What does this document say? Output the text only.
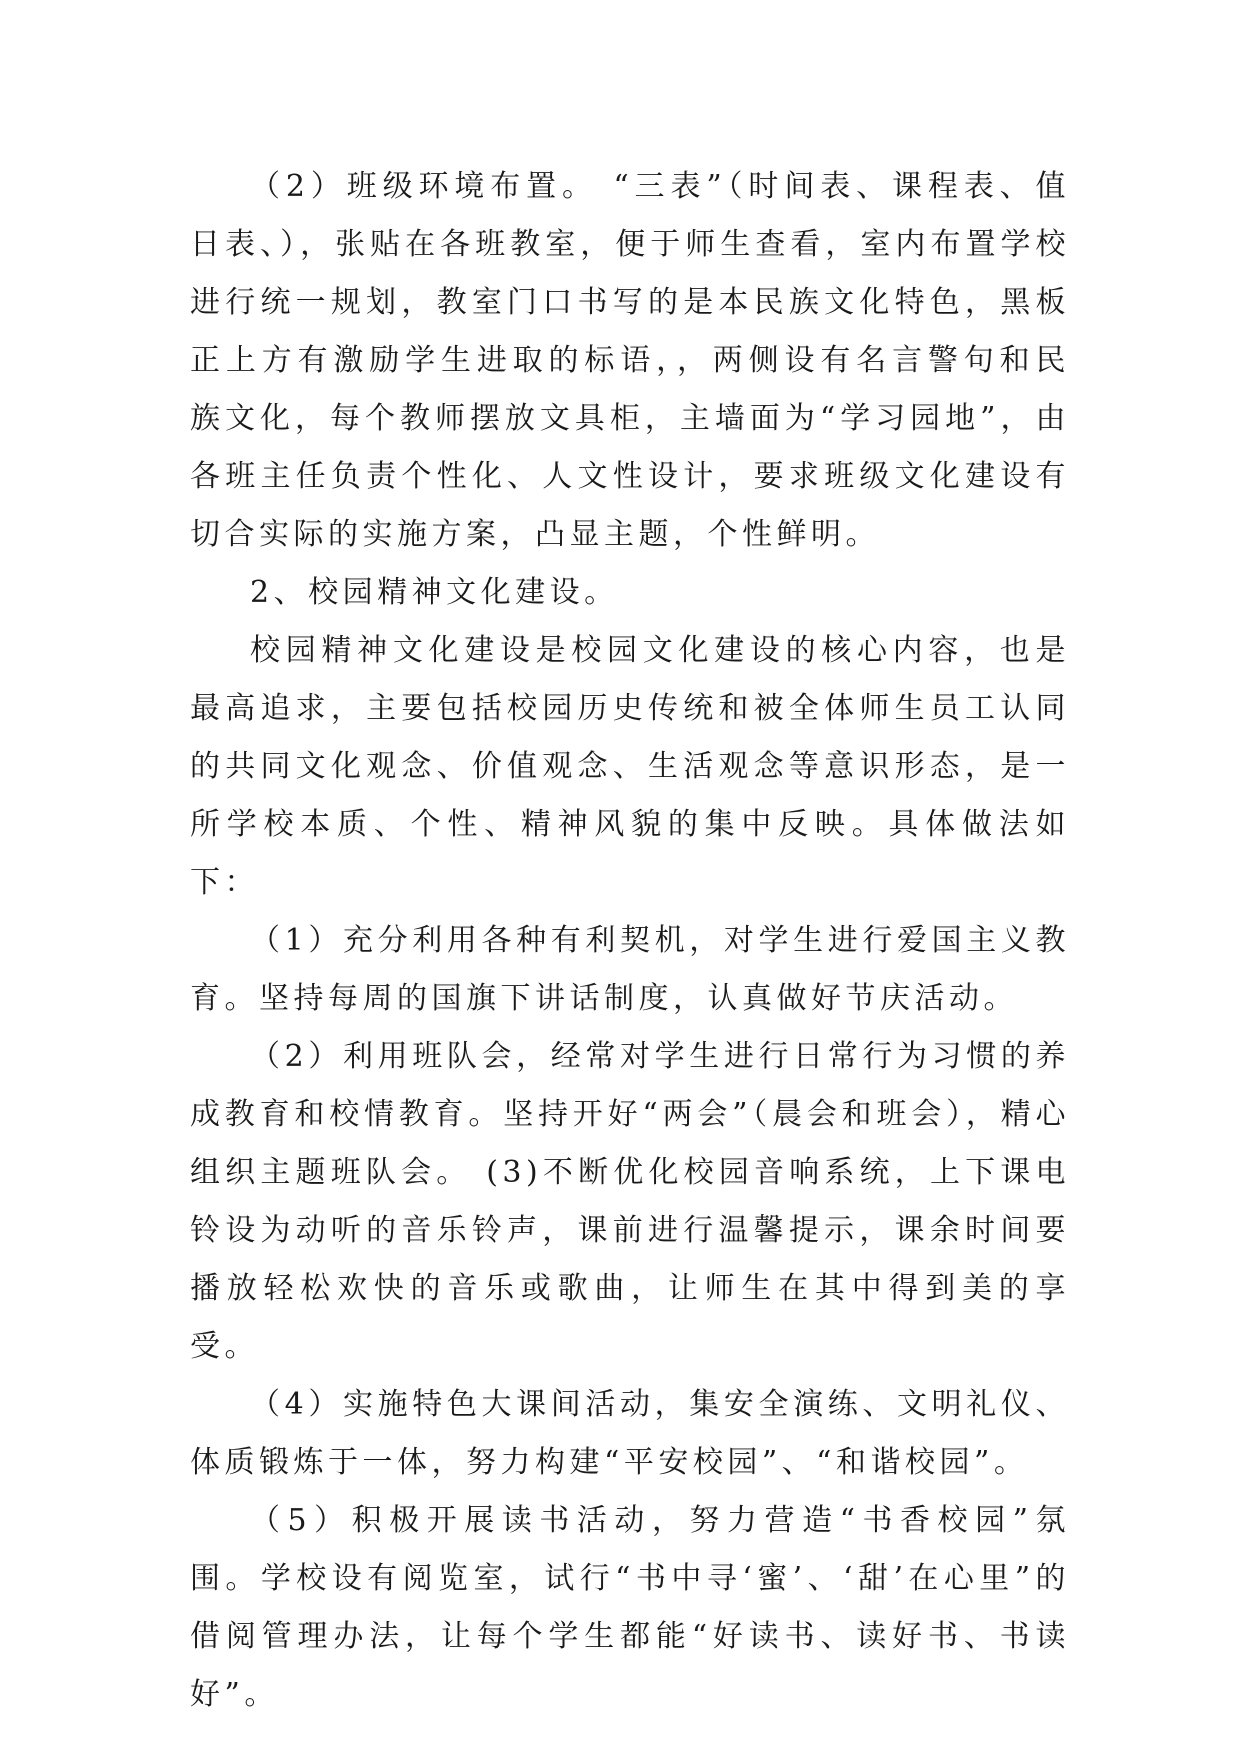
（2）班级环境布置。 “三表”（时间表、课程表、值日表、），张贴在各班教室，便于师生查看，室内布置学校进行统一规划，教室门口书写的是本民族文化特色，黑板正上方有激励学生进取的标语，，两侧设有名言警句和民族文化，每个教师摆放文具柜，主墙面为“学习园地”，由各班主任负责个性化、人文性设计，要求班级文化建设有切合实际的实施方案，凸显主题，个性鲜明。

2、校园精神文化建设。

校园精神文化建设是校园文化建设的核心内容，也是最高追求，主要包括校园历史传统和被全体师生员工认同的共同文化观念、价值观念、生活观念等意识形态，是一所学校本质、个性、精神风貌的集中反映。具体做法如下：

（1）充分利用各种有利契机，对学生进行爱国主义教育。坚持每周的国旗下讲话制度，认真做好节庆活动。

（2）利用班队会，经常对学生进行日常行为习惯的养成教育和校情教育。坚持开好“两会”（晨会和班会），精心组织主题班队会。 (3)不断优化校园音响系统，上下课电铃设为动听的音乐铃声，课前进行温馨提示，课余时间要播放轻松欢快的音乐或歌曲，让师生在其中得到美的享受。

（4）实施特色大课间活动，集安全演练、文明礼仪、体质锻炼于一体，努力构建“平安校园”、“和谐校园”。

（5）积极开展读书活动，努力营造“书香校园”氛围。学校设有阅览室，试行“书中寻‘蜜’、‘甜’在心里”的借阅管理办法，让每个学生都能“好读书、读好书、书读好”。
